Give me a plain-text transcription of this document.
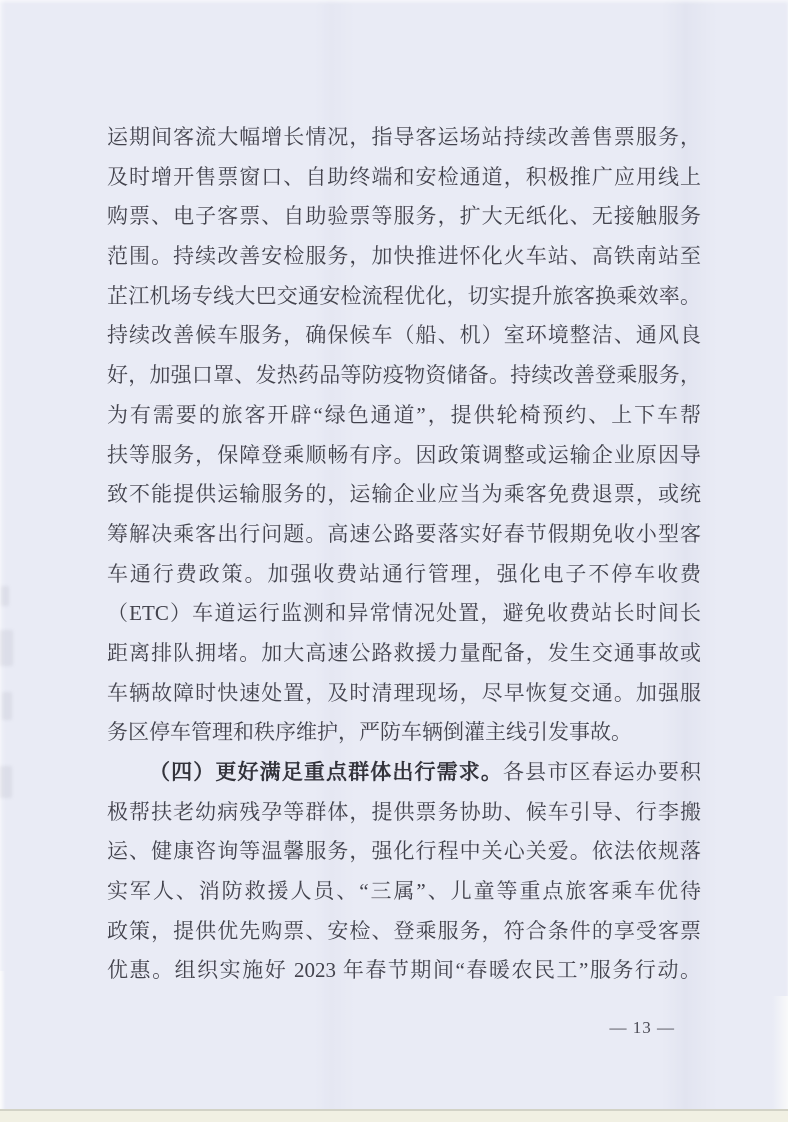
运期间客流大幅增长情况，指导客运场站持续改善售票服务，
及时增开售票窗口、自助终端和安检通道，积极推广应用线上
购票、电子客票、自助验票等服务，扩大无纸化、无接触服务
范围。持续改善安检服务，加快推进怀化火车站、高铁南站至
芷江机场专线大巴交通安检流程优化，切实提升旅客换乘效率。
持续改善候车服务，确保候车（船、机）室环境整洁、通风良
好，加强口罩、发热药品等防疫物资储备。持续改善登乘服务，
为有需要的旅客开辟“绿色通道”，提供轮椅预约、上下车帮
扶等服务，保障登乘顺畅有序。因政策调整或运输企业原因导
致不能提供运输服务的，运输企业应当为乘客免费退票，或统
筹解决乘客出行问题。高速公路要落实好春节假期免收小型客
车通行费政策。加强收费站通行管理，强化电子不停车收费
（ETC）车道运行监测和异常情况处置，避免收费站长时间长
距离排队拥堵。加大高速公路救援力量配备，发生交通事故或
车辆故障时快速处置，及时清理现场，尽早恢复交通。加强服
务区停车管理和秩序维护，严防车辆倒灌主线引发事故。
（四）更好满足重点群体出行需求。各县市区春运办要积
极帮扶老幼病残孕等群体，提供票务协助、候车引导、行李搬
运、健康咨询等温馨服务，强化行程中关心关爱。依法依规落
实军人、消防救援人员、“三属”、儿童等重点旅客乘车优待
政策，提供优先购票、安检、登乘服务，符合条件的享受客票
优惠。组织实施好 2023 年春节期间“春暖农民工”服务行动。
— 13 —
